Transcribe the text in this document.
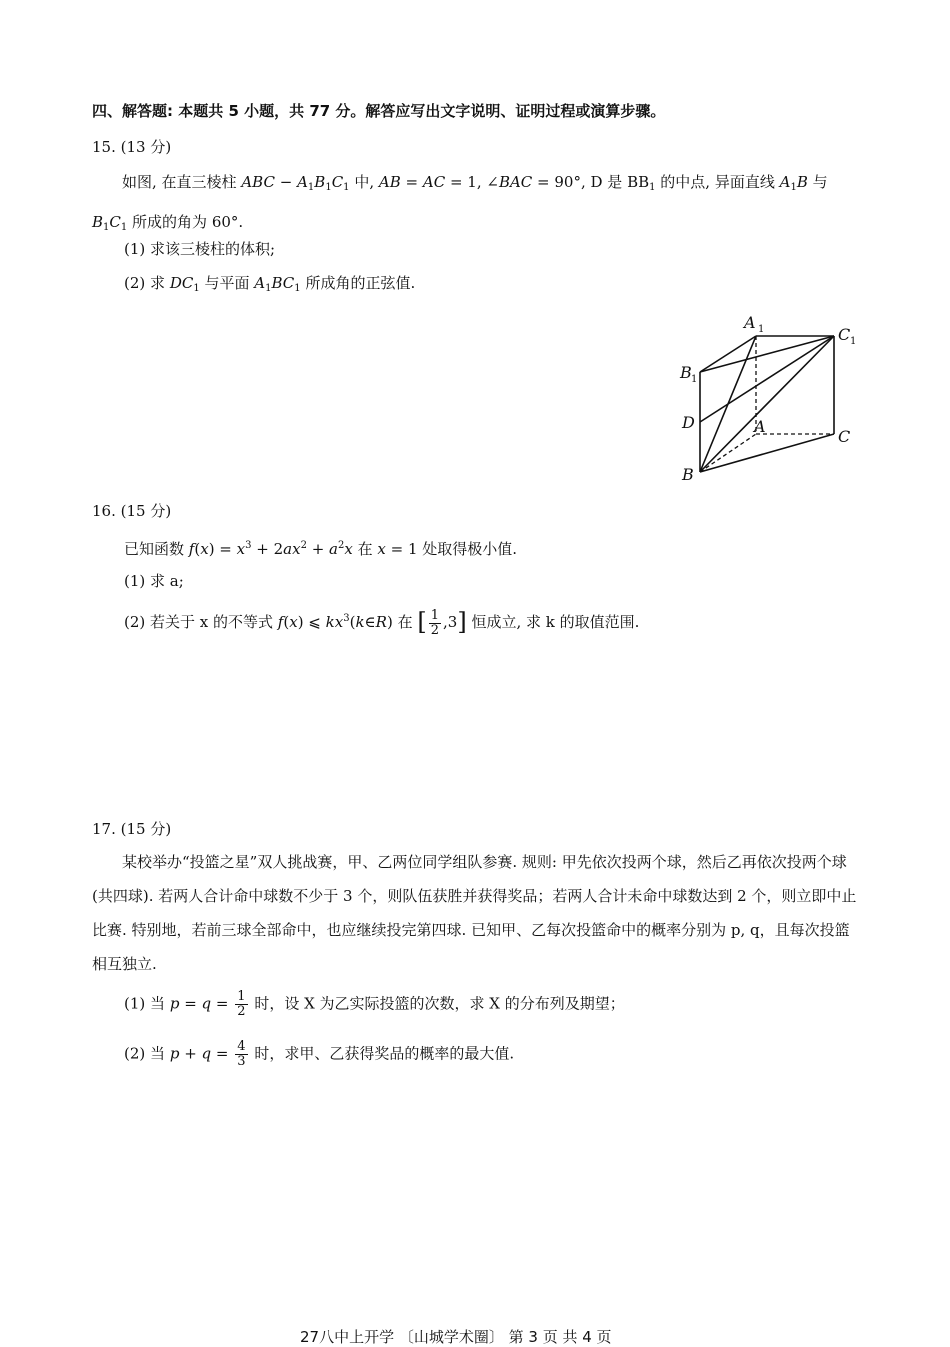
四、解答题: 本题共 5 小题，共 77 分。解答应写出文字说明、证明过程或演算步骤。
15. (13 分)
如图, 在直三棱柱 ABC − $A_1B_1C_1$ 中, AB = AC = 1, ∠BAC = 90°, D 是 $BB_1$ 的中点, 异面直线 $A_1B$ 与 $B_1C_1$ 所成的角为 60°.
(1) 求该三棱柱的体积;
(2) 求 $DC_1$ 与平面 $A_1BC_1$ 所成角的正弦值.
A 1	C 1
B 1
D	A
C
B
16. (15 分)
已知函数 $f(x) = x^3 + 2ax^2 + a^2x$ 在 x = 1 处取得极小值.
(1) 求 a;
(2) 若关于 x 的不等式 f(x) ⩽ $kx^3(k\in R)$ 在 [ $\frac{1}{2} ,3$] 恒成立, 求 k 的取值范围.
17. (15 分)
某校举办“投篮之星”双人挑战赛，甲、乙两位同学组队参赛. 规则: 甲先依次投两个球，然后乙再依次投两个球 (共四球). 若两人合计命中球数不少于 3 个，则队伍获胜并获得奖品；若两人合计未命中球数达到 2 个，则立即中止比赛. 特别地，若前三球全部命中，也应继续投完第四球. 已知甲、乙每次投篮命中的概率分别为 p, q，且每次投篮相互独立.
(1) 当 $p = q = \frac{1}{2}$ 时，设 X 为乙实际投篮的次数，求 X 的分布列及期望；
(2) 当 $p + q = \frac{4}{3}$ 时，求甲、乙获得奖品的概率的最大值.
27八中上开学 〔山城学术圈〕 第 3 页 共 4 页
